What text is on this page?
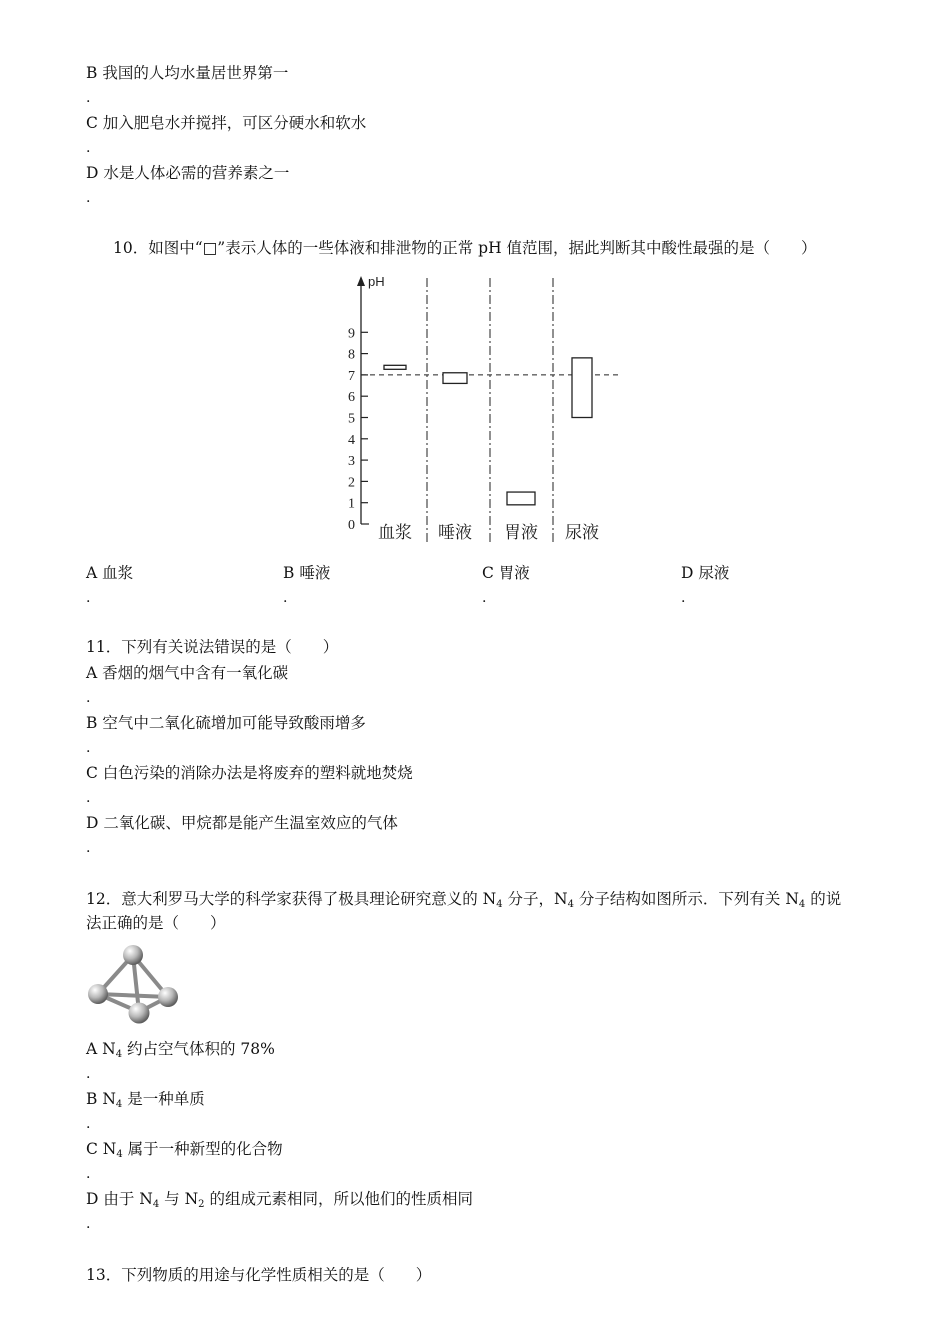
B 我国的人均水量居世界第一
.
C 加入肥皂水并搅拌，可区分硬水和软水
.
D 水是人体必需的营养素之一
.
10．如图中“□”表示人体的一些体液和排泄物的正常 pH 值范围，据此判断其中酸性最强的是（　　）
pH
0
1
2
3
4
5
6
7
8
9
血浆 唾液 胃液 尿液
A 血浆
.
B 唾液
.
C 胃液
.
D 尿液
.
11．下列有关说法错误的是（　　）
A 香烟的烟气中含有一氧化碳
.
B 空气中二氧化硫增加可能导致酸雨增多
.
C 白色污染的消除办法是将废弃的塑料就地焚烧
.
D 二氧化碳、甲烷都是能产生温室效应的气体
.
12．意大利罗马大学的科学家获得了极具理论研究意义的 $N_4$ 分子，$N_4$ 分子结构如图所示．下列有关 $N_4$ 的说
法正确的是（　　）
A $N_4$ 约占空气体积的 78%
.
B $N_4$ 是一种单质
.
C $N_4$ 属于一种新型的化合物
.
D 由于 $N_4$ 与 $N_2$ 的组成元素相同，所以他们的性质相同
.
13．下列物质的用途与化学性质相关的是（　　）
